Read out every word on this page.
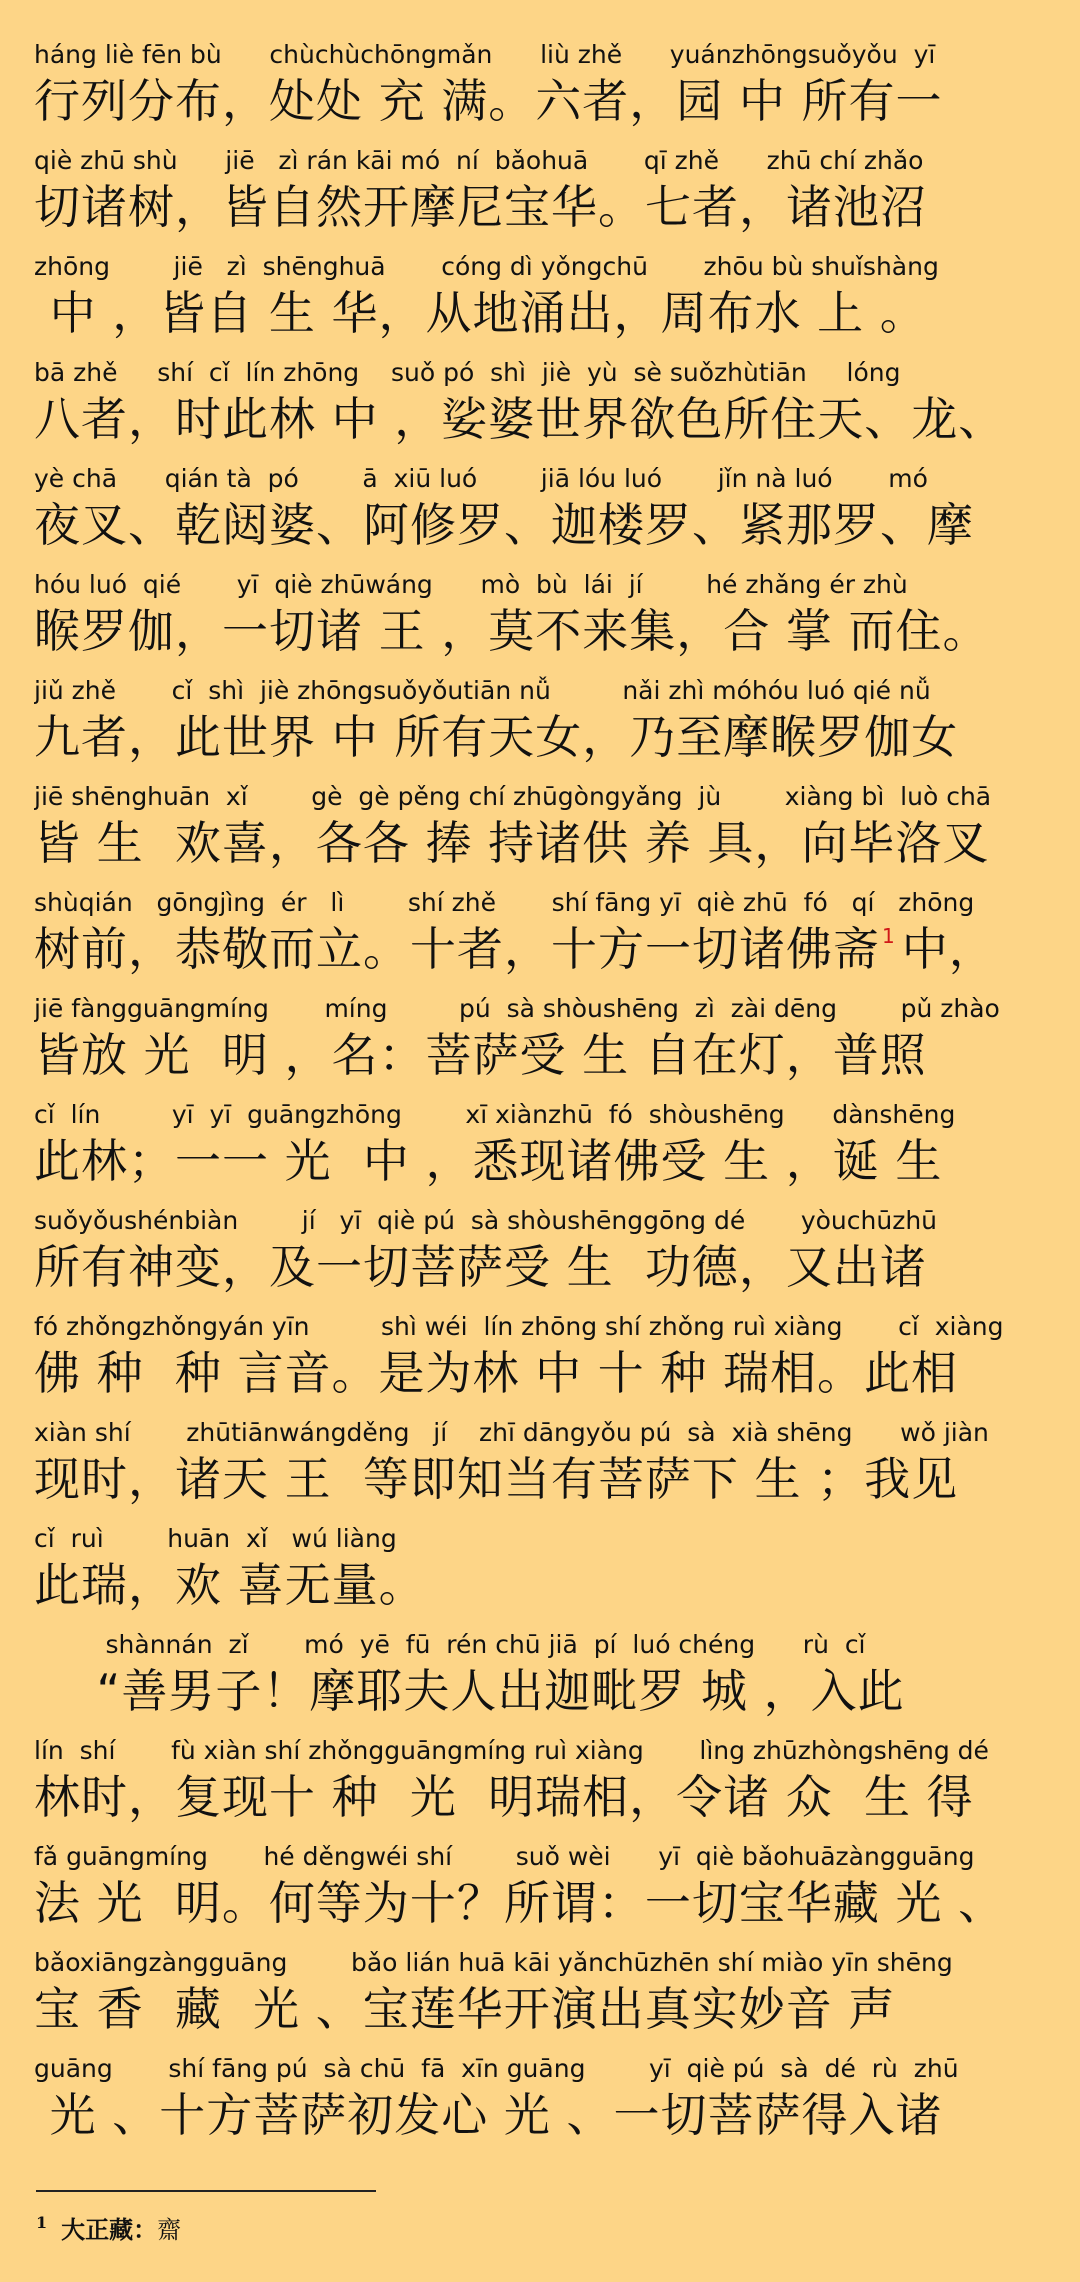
háng liè fēn bù      chùchùchōngmǎn      liù zhě      yuánzhōngsuǒyǒu  yī
行列分布，处处 充 满。六者，园 中 所有一
qiè zhū shù      jiē   zì rán kāi mó  ní  bǎohuā       qī zhě      zhū chí zhǎo
切诸树，皆自然开摩尼宝华。七者，诸池沼
zhōng        jiē   zì  shēnghuā       cóng dì yǒngchū       zhōu bù shuǐshàng
中 ，皆自 生 华，从地涌出，周布水 上 。
bā zhě     shí  cǐ  lín zhōng    suǒ pó  shì  jiè  yù  sè suǒzhùtiān     lóng
八者，时此林 中 ，娑婆世界欲色所住天、龙、
yè chā      qián tà  pó        ā  xiū luó        jiā lóu luó       jǐn nà luó       mó
夜叉、乾闼婆、阿修罗、迦楼罗、紧那罗、摩
hóu luó  qié       yī  qiè zhūwáng      mò  bù  lái  jí        hé zhǎng ér zhù
睺罗伽，一切诸 王 ，莫不来集，合 掌 而住。
jiǔ zhě       cǐ  shì  jiè zhōngsuǒyǒutiān nǚ         nǎi zhì móhóu luó qié nǚ
九者，此世界 中 所有天女，乃至摩睺罗伽女
jiē shēnghuān  xǐ        gè  gè pěng chí zhūgòngyǎng  jù        xiàng bì  luò chā
皆 生  欢喜，各各 捧 持诸供 养 具，向毕洛叉
shùqián   gōngjìng  ér   lì        shí zhě       shí fāng yī  qiè zhū  fó   qí   zhōng
树前，恭敬而立。十者，十方一切诸佛斋 $^1$ 中，
jiē fàngguāngmíng       míng         pú  sà shòushēng  zì  zài dēng        pǔ zhào
皆放 光  明 ，名：菩萨受 生 自在灯，普照
cǐ  lín         yī  yī  guāngzhōng        xī xiànzhū  fó  shòushēng      dànshēng
此林；一一 光  中 ，悉现诸佛受 生 ，诞 生
suǒyǒushénbiàn        jí   yī  qiè pú  sà shòushēnggōng dé       yòuchūzhū
所有神变，及一切菩萨受 生  功德，又出诸
fó zhǒngzhǒngyán yīn         shì wéi  lín zhōng shí zhǒng ruì xiàng       cǐ  xiàng
佛 种  种 言音。是为林 中 十 种 瑞相。此相
xiàn shí       zhūtiānwángděng   jí    zhī dāngyǒu pú  sà  xià shēng      wǒ jiàn
现时，诸天 王  等即知当有菩萨下 生 ；我见
cǐ  ruì        huān  xǐ   wú liàng
此瑞，欢 喜无量。
shànnán  zǐ       mó  yē  fū  rén chū jiā  pí  luó chéng      rù  cǐ
“善男子！摩耶夫人出迦毗罗 城 ，入此
lín  shí       fù xiàn shí zhǒngguāngmíng ruì xiàng       lìng zhūzhòngshēng dé
林时，复现十 种  光  明瑞相，令诸 众  生 得
fǎ guāngmíng       hé děngwéi shí        suǒ wèi      yī  qiè bǎohuāzàngguāng
法 光  明。何等为十？所谓：一切宝华藏 光 、
bǎoxiāngzàngguāng        bǎo lián huā kāi yǎnchūzhēn shí miào yīn shēng
宝 香  藏  光 、宝莲华开演出真实妙音 声
guāng       shí fāng pú  sà chū  fā  xīn guāng        yī  qiè pú  sà  dé  rù  zhū
光 、十方菩萨初发心 光 、一切菩萨得入诸
$^1$ 大正藏：齋
